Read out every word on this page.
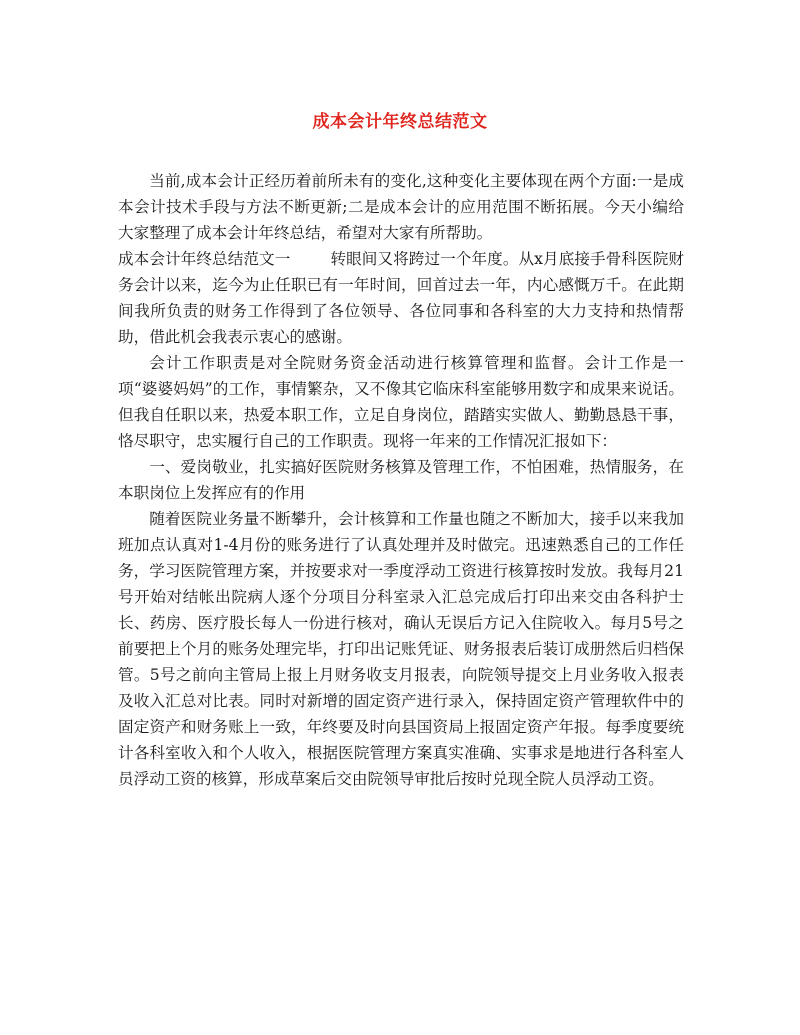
成本会计年终总结范文

当前,成本会计正经历着前所未有的变化,这种变化主要体现在两个方面:一是成本会计技术手段与方法不断更新;二是成本会计的应用范围不断拓展。今天小编给大家整理了成本会计年终总结，希望对大家有所帮助。

成本会计年终总结范文一	转眼间又将跨过一个年度。从x月底接手骨科医院财务会计以来，迄今为止任职已有一年时间，回首过去一年，内心感慨万千。在此期间我所负责的财务工作得到了各位领导、各位同事和各科室的大力支持和热情帮助，借此机会我表示衷心的感谢。

会计工作职责是对全院财务资金活动进行核算管理和监督。会计工作是一项“婆婆妈妈”的工作，事情繁杂，又不像其它临床科室能够用数字和成果来说话。但我自任职以来，热爱本职工作，立足自身岗位，踏踏实实做人、勤勤恳恳干事，恪尽职守，忠实履行自己的工作职责。现将一年来的工作情况汇报如下：

一、爱岗敬业，扎实搞好医院财务核算及管理工作，不怕困难，热情服务，在本职岗位上发挥应有的作用

随着医院业务量不断攀升，会计核算和工作量也随之不断加大，接手以来我加班加点认真对1-4月份的账务进行了认真处理并及时做完。迅速熟悉自己的工作任务，学习医院管理方案，并按要求对一季度浮动工资进行核算按时发放。我每月21号开始对结帐出院病人逐个分项目分科室录入汇总完成后打印出来交由各科护士长、药房、医疗股长每人一份进行核对，确认无误后方记入住院收入。每月5号之前要把上个月的账务处理完毕，打印出记账凭证、财务报表后装订成册然后归档保管。5号之前向主管局上报上月财务收支月报表，向院领导提交上月业务收入报表及收入汇总对比表。同时对新增的固定资产进行录入，保持固定资产管理软件中的固定资产和财务账上一致，年终要及时向县国资局上报固定资产年报。每季度要统计各科室收入和个人收入，根据医院管理方案真实准确、实事求是地进行各科室人员浮动工资的核算，形成草案后交由院领导审批后按时兑现全院人员浮动工资。
